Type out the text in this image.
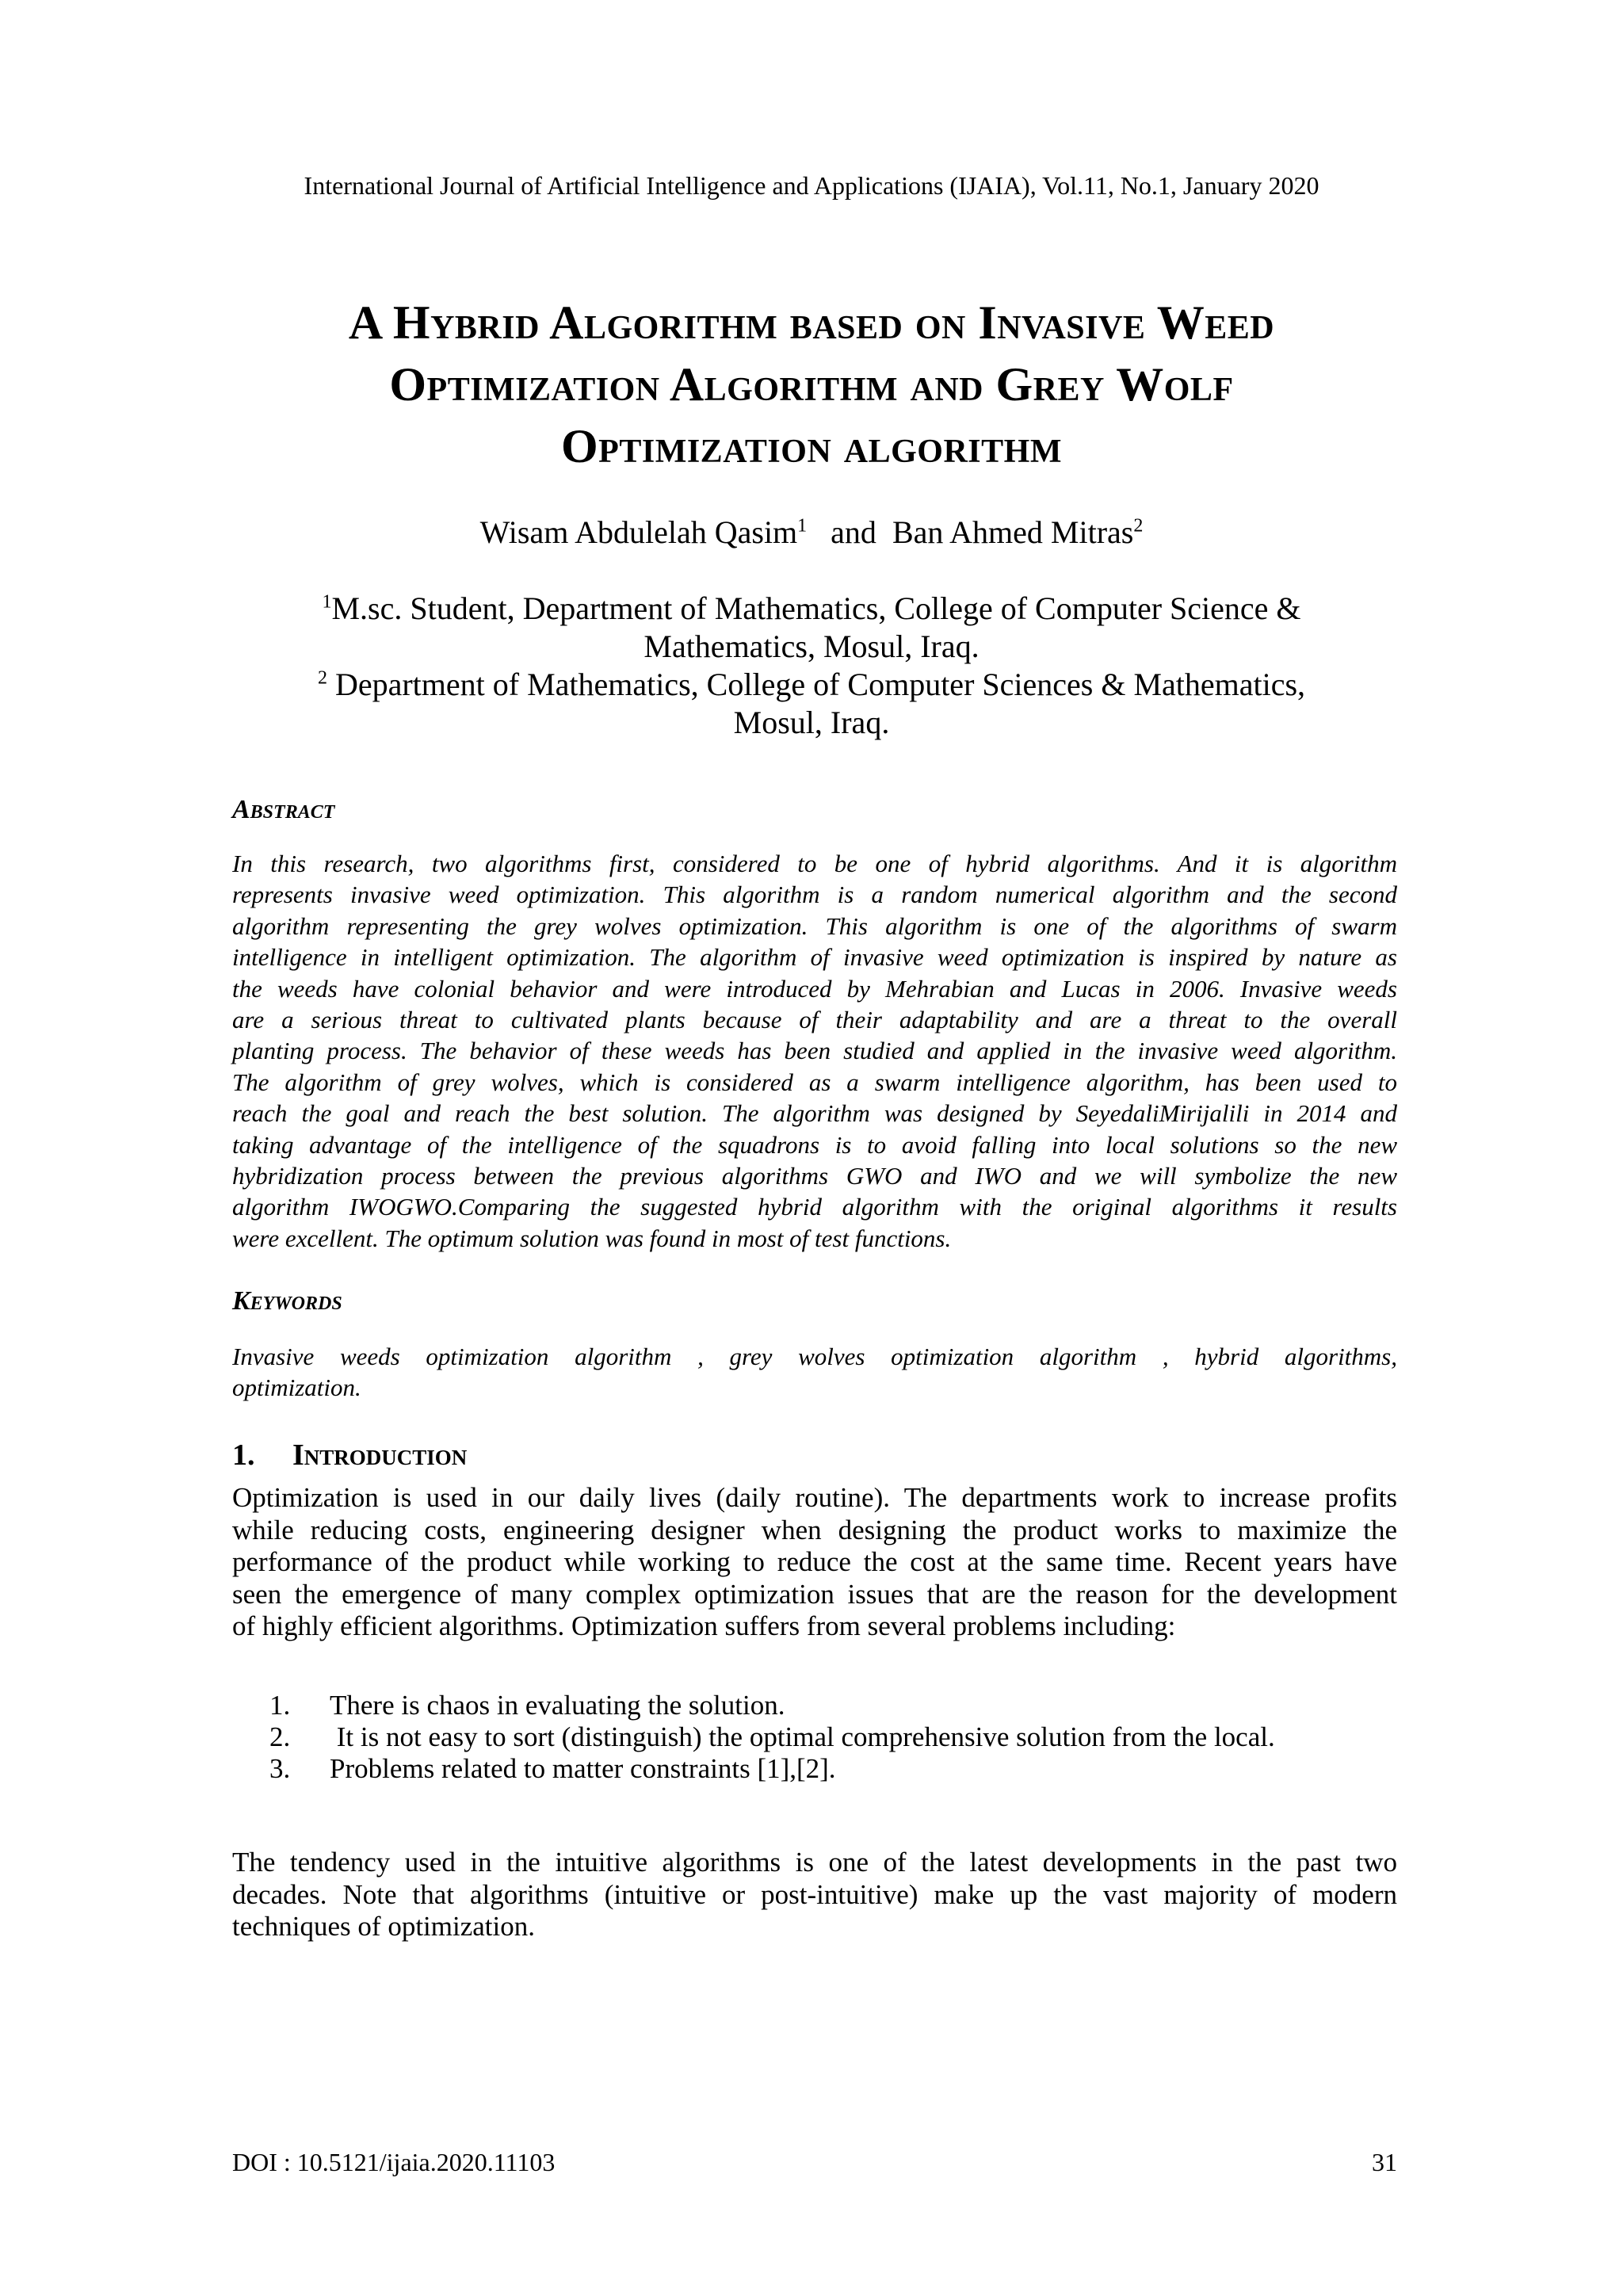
International Journal of Artificial Intelligence and Applications (IJAIA), Vol.11, No.1, January 2020
A Hybrid Algorithm based on Invasive Weed
Optimization Algorithm and Grey Wolf
Optimization algorithm
Wisam Abdulelah Qasim$^1$ and Ban Ahmed Mitras$^2$
$^1$M.sc. Student, Department of Mathematics, College of Computer Science &
Mathematics, Mosul, Iraq.
$^2$ Department of Mathematics, College of Computer Sciences & Mathematics,
Mosul, Iraq.
Abstract
In this research, two algorithms first, considered to be one of hybrid algorithms. And it is algorithm
represents invasive weed optimization. This algorithm is a random numerical algorithm and the second
algorithm representing the grey wolves optimization. This algorithm is one of the algorithms of swarm
intelligence in intelligent optimization. The algorithm of invasive weed optimization is inspired by nature as
the weeds have colonial behavior and were introduced by Mehrabian and Lucas in 2006. Invasive weeds
are a serious threat to cultivated plants because of their adaptability and are a threat to the overall
planting process. The behavior of these weeds has been studied and applied in the invasive weed algorithm.
The algorithm of grey wolves, which is considered as a swarm intelligence algorithm, has been used to
reach the goal and reach the best solution. The algorithm was designed by SeyedaliMirijalili in 2014 and
taking advantage of the intelligence of the squadrons is to avoid falling into local solutions so the new
hybridization process between the previous algorithms GWO and IWO and we will symbolize the new
algorithm IWOGWO.Comparing the suggested hybrid algorithm with the original algorithms it results
were excellent. The optimum solution was found in most of test functions.
Keywords
Invasive weeds optimization algorithm , grey wolves optimization algorithm , hybrid algorithms,
optimization.
1. Introduction
Optimization is used in our daily lives (daily routine). The departments work to increase profits
while reducing costs, engineering designer when designing the product works to maximize the
performance of the product while working to reduce the cost at the same time. Recent years have
seen the emergence of many complex optimization issues that are the reason for the development
of highly efficient algorithms. Optimization suffers from several problems including:
1. There is chaos in evaluating the solution.
2. It is not easy to sort (distinguish) the optimal comprehensive solution from the local.
3. Problems related to matter constraints [1],[2].
The tendency used in the intuitive algorithms is one of the latest developments in the past two
decades. Note that algorithms (intuitive or post-intuitive) make up the vast majority of modern
techniques of optimization.
DOI : 10.5121/ijaia.2020.11103	31
